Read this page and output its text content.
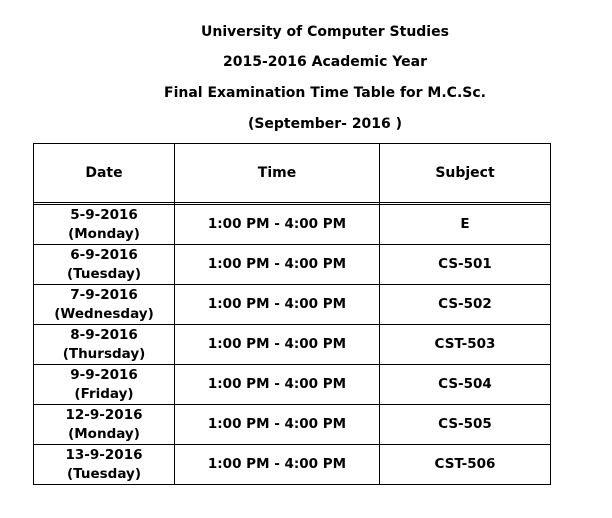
University of Computer Studies
2015-2016 Academic Year
Final Examination Time Table for M.C.Sc.
(September- 2016 )
Date	Time	Subject

5-9-2016
(Monday)	1:00 PM - 4:00 PM	E
6-9-2016
(Tuesday)	1:00 PM - 4:00 PM	CS-501
7-9-2016
(Wednesday)	1:00 PM - 4:00 PM	CS-502
8-9-2016
(Thursday)	1:00 PM - 4:00 PM	CST-503
9-9-2016
(Friday)	1:00 PM - 4:00 PM	CS-504
12-9-2016
(Monday)	1:00 PM - 4:00 PM	CS-505
13-9-2016
(Tuesday)	1:00 PM - 4:00 PM	CST-506
